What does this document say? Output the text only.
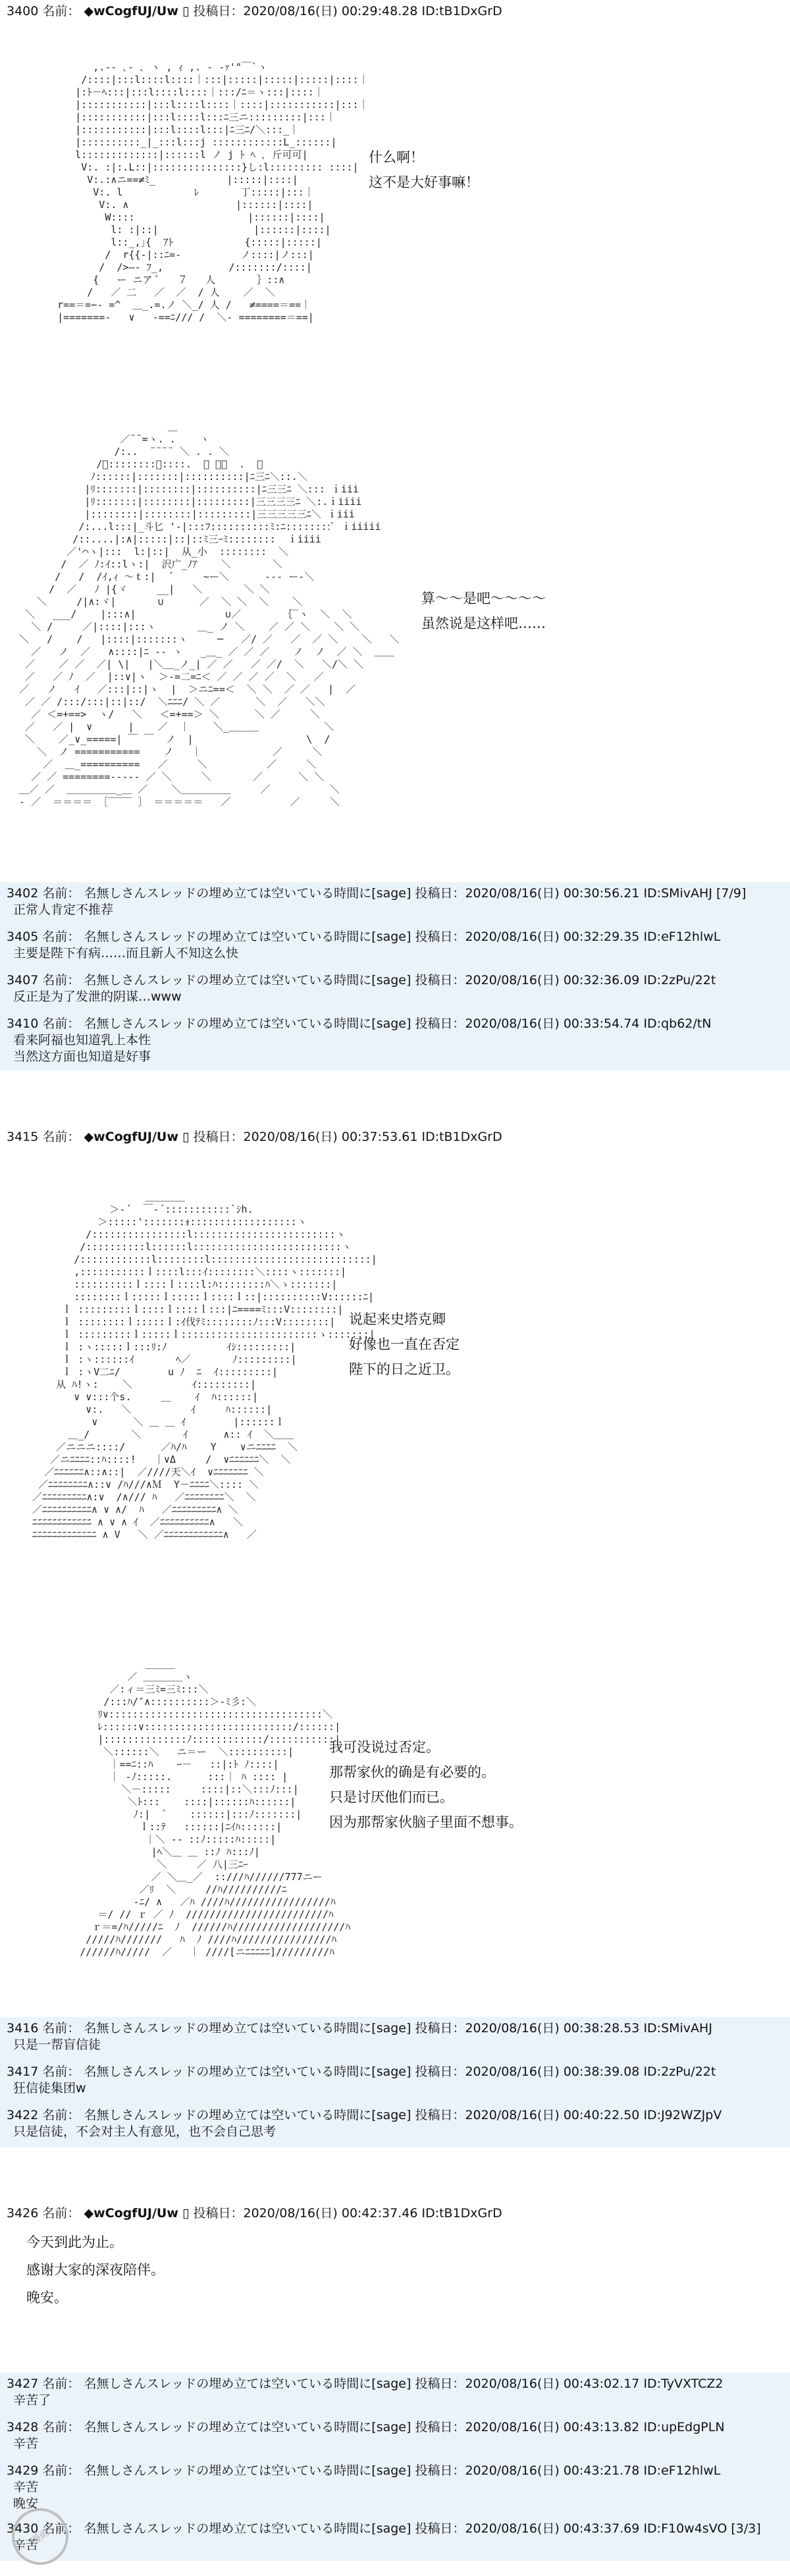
3400 名前： ◆wCogfUJ/Uw ▯ 投稿日：2020/08/16(日) 00:29:48.28 ID:tB1DxGrD

,.-‐ ､‐ ､ ヽ , ｨ ,. ‐ -ｧ'"￣`ヽ
/::::|:::l::::l::::｜:::|:::::|:::::|:::::|::::｜
|:ﾄ－ﾍ:::|:::l::::l::::｜:::/ﾆ＝ヽ:::|::::｜
|:::::::::::|:::l::::l::::｜::::|:::::::::::|:::｜
|:::::::::::|:::l::::l:::ﾆ三ニ:::::::::|:::｜
|:::::::::::|:::l::::l:::|ﾆ三ﾆ/＼:::_｜
|::::::::::_|_:::l:::j ::::::::::::L_::::::|
l:::::::::::::|::::::l ノ j ﾄ ﾍ ､ 斤可可|
V:. :|:.L::|:::::::::::::::}し:l::::::::: ::::|
V:.:∧ニ==≠ﾐ_            |:::::|::::|
V:. l            ﾚ       丁:::::|:::｜
V:. ∧                  |::::::|::::|
W::::                   |::::::|::::|
l: :|::|                |::::::|::::|
l::_,｣{  ｱﾄ            {:::::|:::::|
/  r{{-|::ﾆ=-          ノ::::|ノ:::|
/  />—- ﾌ_,           /:::::::/::::|
{   ー ニア ﾞ   ７   人       ｝::∧
/   ／ 二   ／  ／  / 人    ／  ＼
r==＝=−‐ =^  ＿_.=.ノ ＼_/ 人 /   ≠====＝==｜
|=======-   ∨   -==ﾆ/// /  ＼‐ ========＝==|

什么啊！
这不是大好事嘛！

＿
／¨¨=ヽ. .    ヽ
/:..  ¨¨¨¨ ＼ . . ＼
/ﾞ::::::::ﾞ::::.  ＼ ＼＼  .  ＼
ﾉ::::::|:::::::|::::::::::|ﾆ三ﾆ＼::.＼
|ﾘ:::::::|::::::::|::::::::::|ﾆ三三ﾆ ＼::: ｉiii
|ﾘ:::::::|::::::::|:::::::::|三三三三ﾆ ＼:.ｉiiii
|::::::::|::::::::|:::::::::|三三三三三ﾆ＼ ｉiii
/:...l:::|_斗匕 '‐|:::ﾌ::::::::::ﾐ:ﾆ::::::::ﾞ ｉiiiii
/::....|:∧|:::::|::|::ﾐ三ｰﾐ::::::::  ｉiiii
／'⌒ヽ|:::  l:|::|  从_小  ::::::::  ＼
/  ／ ﾉ:ｲ::lヽ:|  沢广_ﾉｱ    ＼       ＼
/   /  /ｲ,ｨ ～ｔ:|  ´     ~ー＼      ‐‐‐ ー‐＼
/  ／   ﾉ |{ヾ     __|   ＼       ＼ ＼
＼     /|∧:ヾ|       ∪      ／  ＼ ＼  ＼    ＼
＼   ___/    |:::∧|               ∪／       ｛‾ヽ  ＼  ＼
＼ /     ／|::::|:::ヽ       ＿_ ノ ＼    ／ ／ ＼    ＼ ＼
＼   /    /   |::::|:::::::ヽ     ─   ／/ ／   ／  ／ ＼    ＼   ＼
／   ノ  ／   ∧::::|ﾆ ‐- ヽ   _＿_ ／ ／ ／    ノ  ノ  ／ ＼  ＿＿
／    ／ ／  ／| \|   |＼＿_ノ_| ／ ／   ／ ／/  ＼   ＼/＼ ＼
／   ／ ﾉ  ／  |::∨|ヽ  ＞‐=二=ﾆ＜ ／ ／ ／ ／  ＼   ／
／   ノ   ｲ   ／:::|::|ヽ  |  ＞ニﾆ==＜  ＼ ＼  ／ ／   |  ／
／ ／ /:::/:::|::|::/  ＼ﾆﾆﾆ/ ＼ ／      ＼  ／   ＼＼
／ ＜=+==>  ヽ/   ＼   ＜=+==＞ ＼      ＼ ／     ＼
／   ／ |  ∨      |    ／  ｜    ＼_＿＿＿           ＼
＼    ／_∨_=====| ￣ ￣  ノ  |                   \  /
＼  ノ ===========    ノ   ｜            ／     ＼
／  ＿_==========   ／     ＼          ／     ＼
／ ／ ========-‐‐‐‐ ／ ＼     ＼       ／      ＼ ＼
＿／ ／  ＿＿＿＿＿_＿ ／    ＼＿＿＿＿＿     ／          ＼
‐ ／  ＝＝＝＝ ［‾‾‾‾ ］ ＝＝＝＝＝   ／          ／     ＼

算～～是吧～～～～
虽然说是这样吧……
3402 名前： 名無しさんスレッドの埋め立ては空いている時間に[sage] 投稿日：2020/08/16(日) 00:30:56.21 ID:SMivAHJ [7/9]
正常人肯定不推荐
3405 名前： 名無しさんスレッドの埋め立ては空いている時間に[sage] 投稿日：2020/08/16(日) 00:32:29.35 ID:eF12hlwL
主要是陛下有病……而且新人不知这么快
3407 名前： 名無しさんスレッドの埋め立ては空いている時間に[sage] 投稿日：2020/08/16(日) 00:32:36.09 ID:2zPu/22t
反正是为了发泄的阴谋…www
3410 名前： 名無しさんスレッドの埋め立ては空いている時間に[sage] 投稿日：2020/08/16(日) 00:33:54.74 ID:qb62/tN
看来阿福也知道乳上本性
当然这方面也知道是好事
3415 名前： ◆wCogfUJ/Uw ▯ 投稿日：2020/08/16(日) 00:37:53.61 ID:tB1DxGrD

＿＿＿＿
＞‐´  ￣‐´:::::::::::`ｼh.
＞:::::':::::::ｫ::::::::::::::::::ヽ
/::::::::::::::::l::::::::::::::::::::::::ヽ
/::::::::::l::::::l:::::::::::::::::::::::::ヽ
/::::::::::::l::::::::l:::::::::::::::::::::::::::|
,:::::::::::ｌ::::l:::ｲ::::::::＼::::ヽ:::::::|
::::::::::ｌ::::ｌ::::l:ﾊ::::::::ﾊ＼ゝ:::::::|
::::::::ｌ:::::ｌ:::::ｌ::::ｌ::|::::::::::V::::::ﾆ|
ｌ :::::::::ｌ::::ｌ::::ｌ:::|ﾆ====ﾐ:::V::::::::|
ｌ ::::::::ｌ:::::ｌ:ｲ伐ﾃﾐ::::::::ﾉ:::V::::::::|
ｌ :::::::::ｌ:::::ｌ:::::::::::::::::::::::ゝ:::::::|
ｌ :ヽ:::::ｌ:::ﾘ:ﾉ          ｲｼ:::::::::|
ｌ :ヽ::::::ｲ       ﾍ／       ﾉ:::::::::|
ｌ :ヽV二ﾆ/        u ﾉ  ﾆ  ｲ:::::::::|
从 ﾊ!ヽ:    ＼          ｲ:::::::::|
∨ ∨:::个s.     ＿    ｲ  ﾊ::::::|
∨:.   ＼          ｲ     ﾊ::::::|
∨      ＼ ＿ ＿ ｲ        |::::::ｌ
＿_/       ＼       ｲ      ∧:: ｲ  ＼＿＿
／ニニニ::::/      ／ﾊ/ﾊ    Y    ∨ニﾆﾆﾆﾆ  ＼
／ニﾆﾆﾆﾆ::ﾊ::::!   ｜∨Δ     /  ∨ﾆﾆﾆﾆﾆﾆ＼  ＼
／ﾆﾆﾆﾆﾆﾆ∧::∧::|  ／////天＼ｲ  ∨ﾆﾆﾆﾆﾆﾆﾆ ＼
／ﾆﾆﾆﾆﾆﾆﾆﾆ∧::∨ /ﾊ///∧Ｍ  Y－ﾆﾆﾆﾆ＼:::: ＼
／ﾆﾆﾆﾆﾆﾆﾆﾆﾆ∧:∨  /∧/// ﾊ   ／ﾆﾆﾆﾆﾆﾆﾆﾆ＼  ＼
／ﾆﾆﾆﾆﾆﾆﾆﾆﾆﾆ∧ ∨ ∧/  ﾊ   ／ﾆﾆﾆﾆﾆﾆﾆﾆﾆ∧ ＼
ﾆﾆﾆﾆﾆﾆﾆﾆﾆﾆﾆﾆ ∧ ∨ ∧ ｲ  ／ﾆﾆﾆﾆﾆﾆﾆﾆﾆﾆ∧   ＼
ﾆﾆﾆﾆﾆﾆﾆﾆﾆﾆﾆﾆﾆ ∧ V   ＼ ／ﾆﾆﾆﾆﾆﾆﾆﾆﾆﾆﾆﾆ∧   ／

说起来史塔克卿
好像也一直在否定
陛下的日之近卫。

＿＿＿
／ ＿＿＿＿ヽ
／:ィ＝三ﾐ=三ﾐ:::＼
/:::ﾊ/″∧::::::::::＞-ﾐ彡:＼
ﾘ∨::::::::::::::::::::::::::::::::::::＼
ﾚ::::::∨:::::::::::::::::::::::::/::::::|
|::::::::::::::ﾉ::::::::::::/:::::::::::|
＼::::::＼   ニ＝ー  ＼::::::::::|
｜==ﾆ::ﾊ    ｰ－   ::|:ﾄ ﾉ::::|
｜ -ﾉ:::::.      :::｜ ﾊ :::: |
＼－:::::     ::::|::＼:::ﾉ:::|
＼ﾄ:::    ::::|::::::ﾊ::::::|
ﾉ:|  ゛   ::::::|:::ﾉ:::::::|
ｌ::ﾃ   ::::::|ﾆｲﾊ::::::|
｜＼ ‐- ::ﾉ:::::ﾊ:::::|
|ﾍ＼＿ ＿ ::ﾉ ﾊ:::ﾉ|
＼     ／ 八|三ﾆｰ
／ ＼＿_／  ::///ﾊ//////777ニー
／ﾘ  ＼     //ﾊ//////////ﾆ
-ﾆ/ ∧   ／ﾊ ////ﾊ/////////////////ﾊ
＝/ // ｒ ／ ﾉ  ////////////////////////ﾊ
ｒ＝=/ﾊ/////ﾆ  ﾉ  //////ﾊ///////////////////ﾊ
/////ﾊ///////   ﾊ  ﾉ ////ﾊ////////////////ﾊ
//////ﾊ/////  ／   ｜ ////[ニﾆﾆﾆﾆﾆ]/////////ﾊ

我可没说过否定。
那帮家伙的确是有必要的。
只是讨厌他们而已。
因为那帮家伙脑子里面不想事。
3416 名前： 名無しさんスレッドの埋め立ては空いている時間に[sage] 投稿日：2020/08/16(日) 00:38:28.53 ID:SMivAHJ
只是一帮盲信徒
3417 名前： 名無しさんスレッドの埋め立ては空いている時間に[sage] 投稿日：2020/08/16(日) 00:38:39.08 ID:2zPu/22t
狂信徒集团w
3422 名前： 名無しさんスレッドの埋め立ては空いている時間に[sage] 投稿日：2020/08/16(日) 00:40:22.50 ID:J92WZJpV
只是信徒，不会对主人有意见，也不会自己思考
3426 名前： ◆wCogfUJ/Uw ▯ 投稿日：2020/08/16(日) 00:42:37.46 ID:tB1DxGrD
今天到此为止。
感谢大家的深夜陪伴。
晚安。
3427 名前： 名無しさんスレッドの埋め立ては空いている時間に[sage] 投稿日：2020/08/16(日) 00:43:02.17 ID:TyVXTCZ2
辛苦了
3428 名前： 名無しさんスレッドの埋め立ては空いている時間に[sage] 投稿日：2020/08/16(日) 00:43:13.82 ID:upEdgPLN
辛苦
3429 名前： 名無しさんスレッドの埋め立ては空いている時間に[sage] 投稿日：2020/08/16(日) 00:43:21.78 ID:eF12hlwL
辛苦
晚安
3430 名前： 名無しさんスレッドの埋め立ては空いている時間に[sage] 投稿日：2020/08/16(日) 00:43:37.69 ID:F10w4sVO [3/3]
辛苦
漫画
